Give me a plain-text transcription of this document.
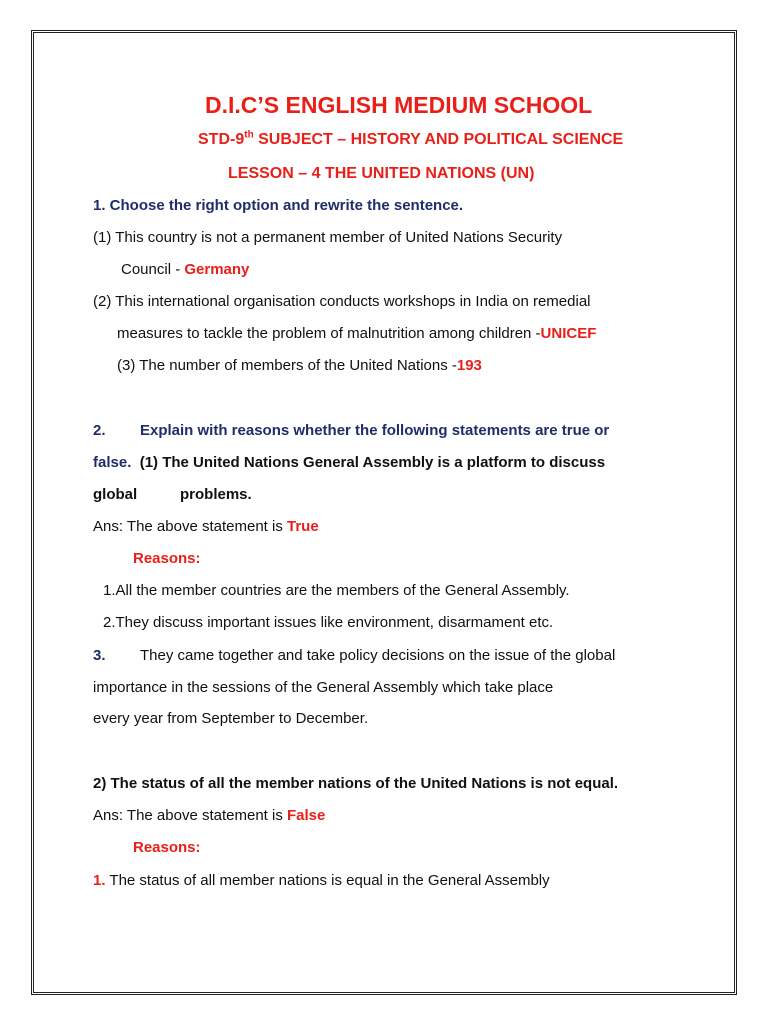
D.I.C’S ENGLISH MEDIUM SCHOOL
STD-9th SUBJECT – HISTORY AND POLITICAL SCIENCE
LESSON – 4 THE UNITED NATIONS (UN)
1. Choose the right option and rewrite the sentence.
(1) This country is not a permanent member of United Nations Security
Council - Germany
(2) This international organisation conducts workshops in India on remedial
measures to tackle the problem of malnutrition among children -UNICEF
(3) The number of members of the United Nations -193
2. Explain with reasons whether the following statements are true or
false. (1) The United Nations General Assembly is a platform to discuss
global	problems.
Ans: The above statement is True
Reasons:
1.All the member countries are the members of the General Assembly.
2.They discuss important issues like environment, disarmament etc.
3. They came together and take policy decisions on the issue of the global
importance in the sessions of the General Assembly which take place
every year from September to December.
2) The status of all the member nations of the United Nations is not equal.
Ans: The above statement is False
Reasons:
1. The status of all member nations is equal in the General Assembly
